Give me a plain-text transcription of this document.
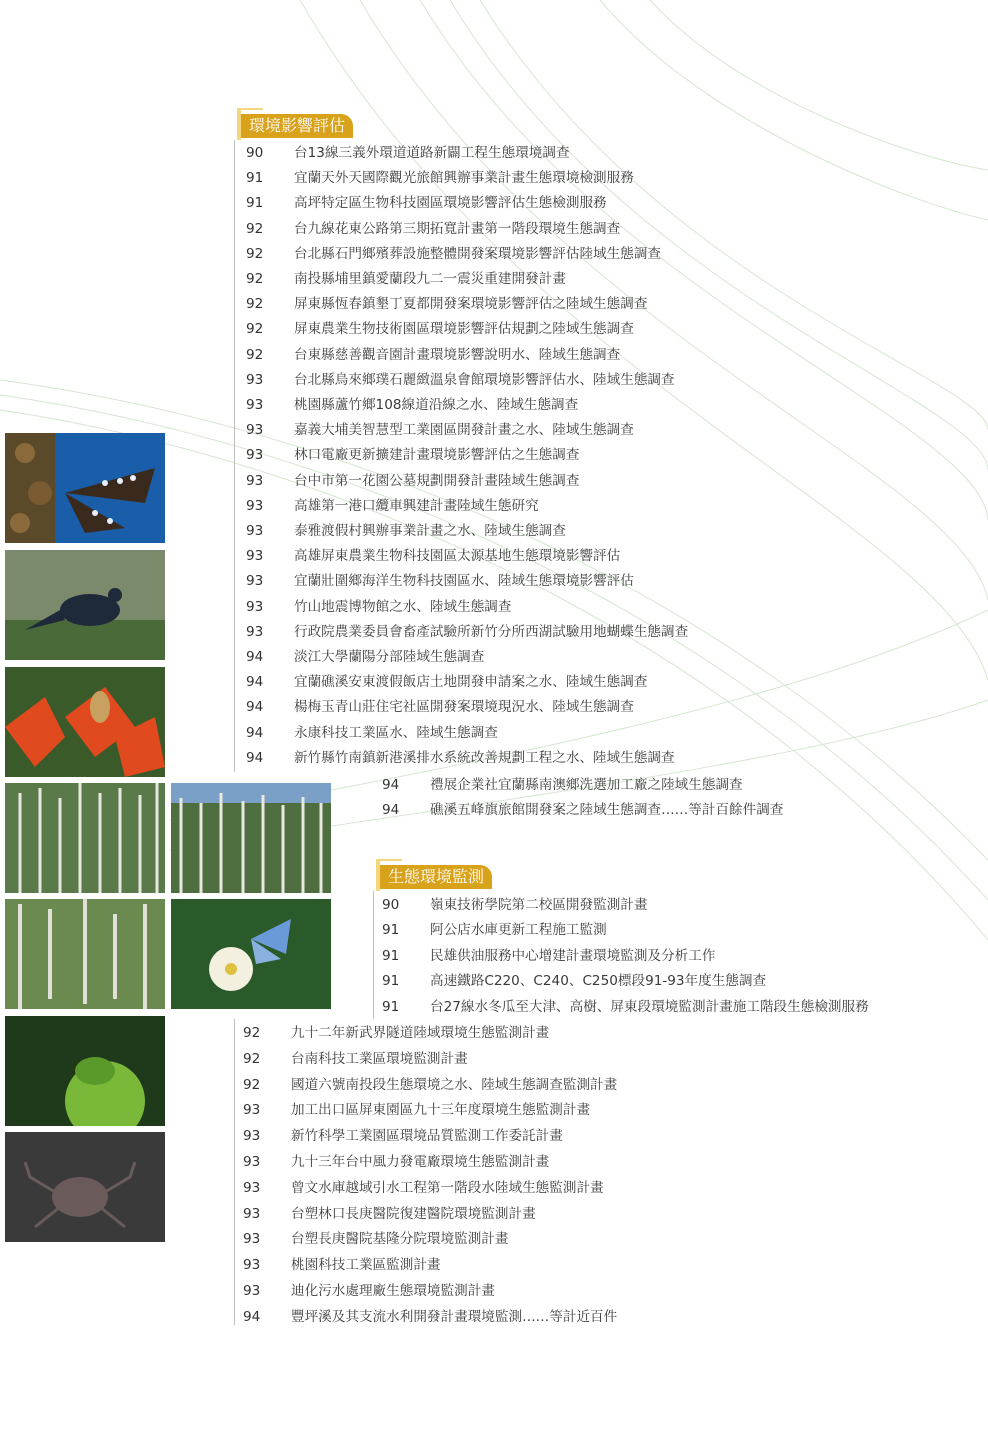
環境影響評估
90 台13線三義外環道道路新闢工程生態環境調查
91 宜蘭天外天國際觀光旅館興辦事業計畫生態環境檢測服務
91 高坪特定區生物科技園區環境影響評估生態檢測服務
92 台九線花東公路第三期拓寬計畫第一階段環境生態調查
92 台北縣石門鄉殯葬設施整體開發案環境影響評估陸域生態調查
92 南投縣埔里鎮愛蘭段九二一震災重建開發計畫
92 屏東縣恆春鎮墾丁夏都開發案環境影響評估之陸域生態調查
92 屏東農業生物技術園區環境影響評估規劃之陸域生態調查
92 台東縣慈善觀音園計畫環境影響說明水、陸域生態調查
93 台北縣烏來鄉璞石麗緻溫泉會館環境影響評估水、陸域生態調查
93 桃園縣蘆竹鄉108線道沿線之水、陸域生態調查
93 嘉義大埔美智慧型工業園區開發計畫之水、陸域生態調查
93 林口電廠更新擴建計畫環境影響評估之生態調查
93 台中市第一花園公墓規劃開發計畫陸域生態調查
93 高雄第一港口纜車興建計畫陸域生態研究
93 泰雅渡假村興辦事業計畫之水、陸域生態調查
93 高雄屏東農業生物科技園區太源基地生態環境影響評估
93 宜蘭壯圍鄉海洋生物科技園區水、陸域生態環境影響評估
93 竹山地震博物館之水、陸域生態調查
93 行政院農業委員會畜產試驗所新竹分所西湖試驗用地蝴蝶生態調查
94 淡江大學蘭陽分部陸域生態調查
94 宜蘭礁溪安東渡假飯店土地開發申請案之水、陸域生態調查
94 楊梅玉青山莊住宅社區開發案環境現況水、陸域生態調查
94 永康科技工業區水、陸域生態調查
94 新竹縣竹南鎮新港溪排水系統改善規劃工程之水、陸域生態調查
94 禮展企業社宜蘭縣南澳鄉洗選加工廠之陸域生態調查
94 礁溪五峰旗旅館開發案之陸域生態調查……等計百餘件調查
生態環境監測
90 嶺東技術學院第二校區開發監測計畫
91 阿公店水庫更新工程施工監測
91 民雄供油服務中心增建計畫環境監測及分析工作
91 高速鐵路C220、C240、C250標段91-93年度生態調查
91 台27線水冬瓜至大津、高樹、屏東段環境監測計畫施工階段生態檢測服務
92 九十二年新武界隧道陸域環境生態監測計畫
92 台南科技工業區環境監測計畫
92 國道六號南投段生態環境之水、陸域生態調查監測計畫
93 加工出口區屏東園區九十三年度環境生態監測計畫
93 新竹科學工業園區環境品質監測工作委託計畫
93 九十三年台中風力發電廠環境生態監測計畫
93 曾文水庫越域引水工程第一階段水陸域生態監測計畫
93 台塑林口長庚醫院復建醫院環境監測計畫
93 台塑長庚醫院基隆分院環境監測計畫
93 桃園科技工業區監測計畫
93 迪化污水處理廠生態環境監測計畫
94 豐坪溪及其支流水利開發計畫環境監測……等計近百件
